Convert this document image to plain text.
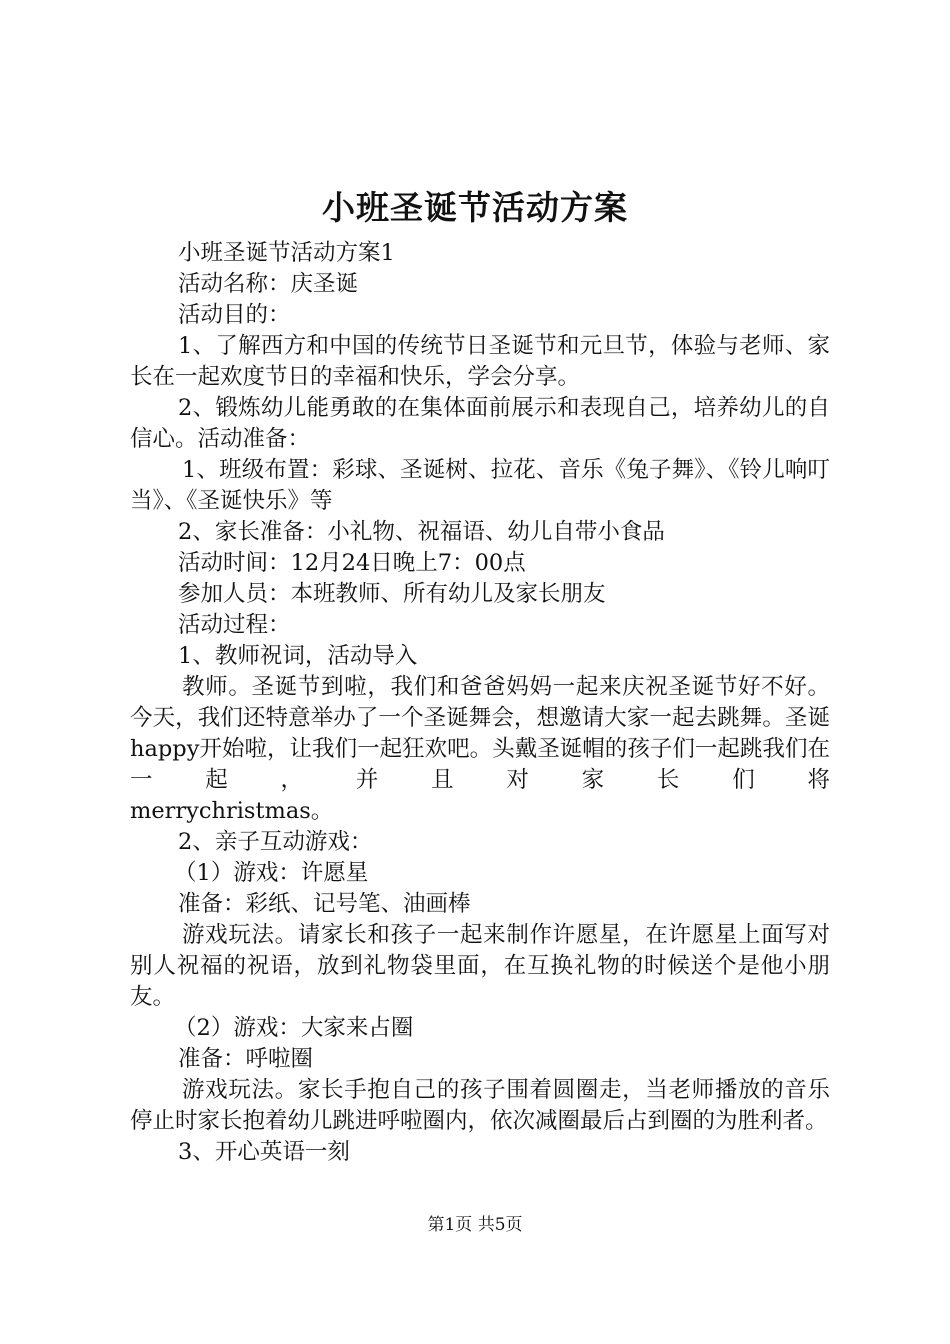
小班圣诞节活动方案

小班圣诞节活动方案1

活动名称：庆圣诞

活动目的：

1、了解西方和中国的传统节日圣诞节和元旦节，体验与老师、家长在一起欢度节日的幸福和快乐，学会分享。

2、锻炼幼儿能勇敢的在集体面前展示和表现自己，培养幼儿的自信心。活动准备：

1、班级布置：彩球、圣诞树、拉花、音乐《兔子舞》、《铃儿响叮当》、《圣诞快乐》等

2、家长准备：小礼物、祝福语、幼儿自带小食品

活动时间：12月24日晚上7：00点

参加人员：本班教师、所有幼儿及家长朋友

活动过程：

1、教师祝词，活动导入

教师。圣诞节到啦，我们和爸爸妈妈一起来庆祝圣诞节好不好。今天，我们还特意举办了一个圣诞舞会，想邀请大家一起去跳舞。圣诞happy开始啦，让我们一起狂欢吧。头戴圣诞帽的孩子们一起跳我们在一起，并且对家长们将

merrychristmas。

2、亲子互动游戏：

（1）游戏：许愿星

准备：彩纸、记号笔、油画棒

游戏玩法。请家长和孩子一起来制作许愿星，在许愿星上面写对别人祝福的祝语，放到礼物袋里面，在互换礼物的时候送个是他小朋友。

（2）游戏：大家来占圈

准备：呼啦圈

游戏玩法。家长手抱自己的孩子围着圆圈走，当老师播放的音乐停止时家长抱着幼儿跳进呼啦圈内，依次减圈最后占到圈的为胜利者。

3、开心英语一刻

第1页 共5页
